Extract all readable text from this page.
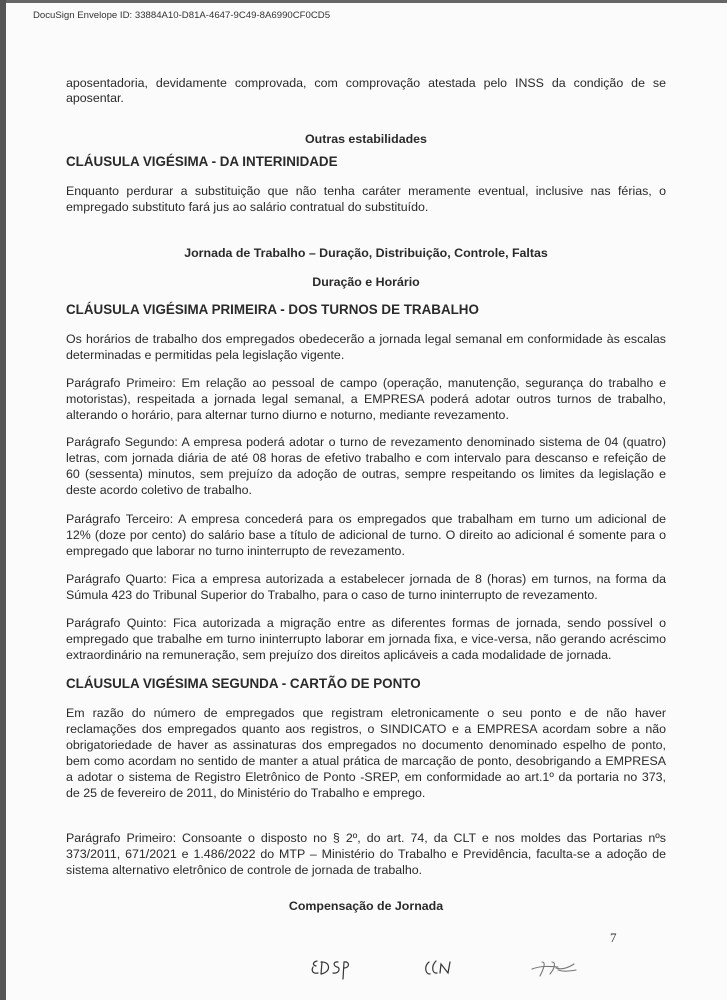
DocuSign Envelope ID: 33884A10-D81A-4647-9C49-8A6990CF0CD5
aposentadoria, devidamente comprovada, com comprovação atestada pelo INSS da condição de se
aposentar.
Outras estabilidades
CLÁUSULA VIGÉSIMA - DA INTERINIDADE
Enquanto perdurar a substituição que não tenha caráter meramente eventual, inclusive nas férias, o
empregado substituto fará jus ao salário contratual do substituído.
Jornada de Trabalho – Duração, Distribuição, Controle, Faltas
Duração e Horário
CLÁUSULA VIGÉSIMA PRIMEIRA - DOS TURNOS DE TRABALHO
Os horários de trabalho dos empregados obedecerão a jornada legal semanal em conformidade às escalas
determinadas e permitidas pela legislação vigente.
Parágrafo Primeiro: Em relação ao pessoal de campo (operação, manutenção, segurança do trabalho e
motoristas), respeitada a jornada legal semanal, a EMPRESA poderá adotar outros turnos de trabalho,
alterando o horário, para alternar turno diurno e noturno, mediante revezamento.
Parágrafo Segundo: A empresa poderá adotar o turno de revezamento denominado sistema de 04 (quatro)
letras, com jornada diária de até 08 horas de efetivo trabalho e com intervalo para descanso e refeição de
60 (sessenta) minutos, sem prejuízo da adoção de outras, sempre respeitando os limites da legislação e
deste acordo coletivo de trabalho.
Parágrafo Terceiro: A empresa concederá para os empregados que trabalham em turno um adicional de
12% (doze por cento) do salário base a título de adicional de turno. O direito ao adicional é somente para o
empregado que laborar no turno ininterrupto de revezamento.
Parágrafo Quarto: Fica a empresa autorizada a estabelecer jornada de 8 (horas) em turnos, na forma da
Súmula 423 do Tribunal Superior do Trabalho, para o caso de turno ininterrupto de revezamento.
Parágrafo Quinto: Fica autorizada a migração entre as diferentes formas de jornada, sendo possível o
empregado que trabalhe em turno ininterrupto laborar em jornada fixa, e vice-versa, não gerando acréscimo
extraordinário na remuneração, sem prejuízo dos direitos aplicáveis a cada modalidade de jornada.
CLÁUSULA VIGÉSIMA SEGUNDA - CARTÃO DE PONTO
Em razão do número de empregados que registram eletronicamente o seu ponto e de não haver
reclamações dos empregados quanto aos registros, o SINDICATO e a EMPRESA acordam sobre a não
obrigatoriedade de haver as assinaturas dos empregados no documento denominado espelho de ponto,
bem como acordam no sentido de manter a atual prática de marcação de ponto, desobrigando a EMPRESA
a adotar o sistema de Registro Eletrônico de Ponto -SREP, em conformidade ao art.1º da portaria no 373,
de 25 de fevereiro de 2011, do Ministério do Trabalho e emprego.
Parágrafo Primeiro: Consoante o disposto no § 2º, do art. 74, da CLT e nos moldes das Portarias nºs
373/2011, 671/2021 e 1.486/2022 do MTP – Ministério do Trabalho e Previdência, faculta-se a adoção de
sistema alternativo eletrônico de controle de jornada de trabalho.
Compensação de Jornada
7
